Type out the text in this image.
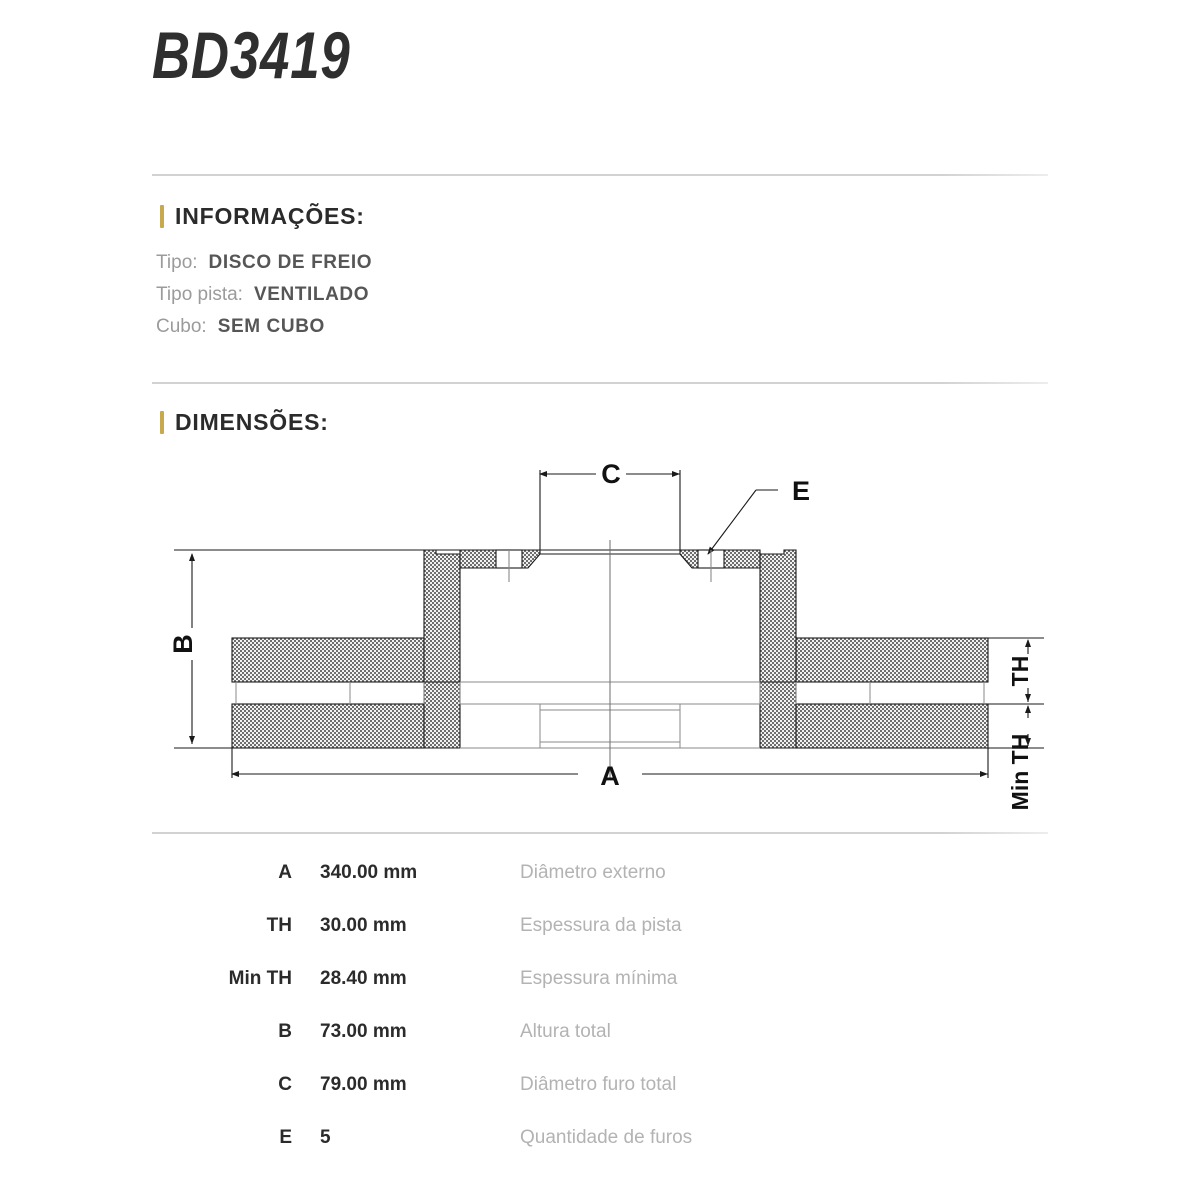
BD3419
INFORMAÇÕES:
Tipo: DISCO DE FREIO
Tipo pista: VENTILADO
Cubo: SEM CUBO
DIMENSÕES:
C
E
B
A
TH
Min TH
A	340.00 mm	Diâmetro externo
TH	30.00 mm	Espessura da pista
Min TH	28.40 mm	Espessura mínima
B	73.00 mm	Altura total
C	79.00 mm	Diâmetro furo total
E	5	Quantidade de furos
